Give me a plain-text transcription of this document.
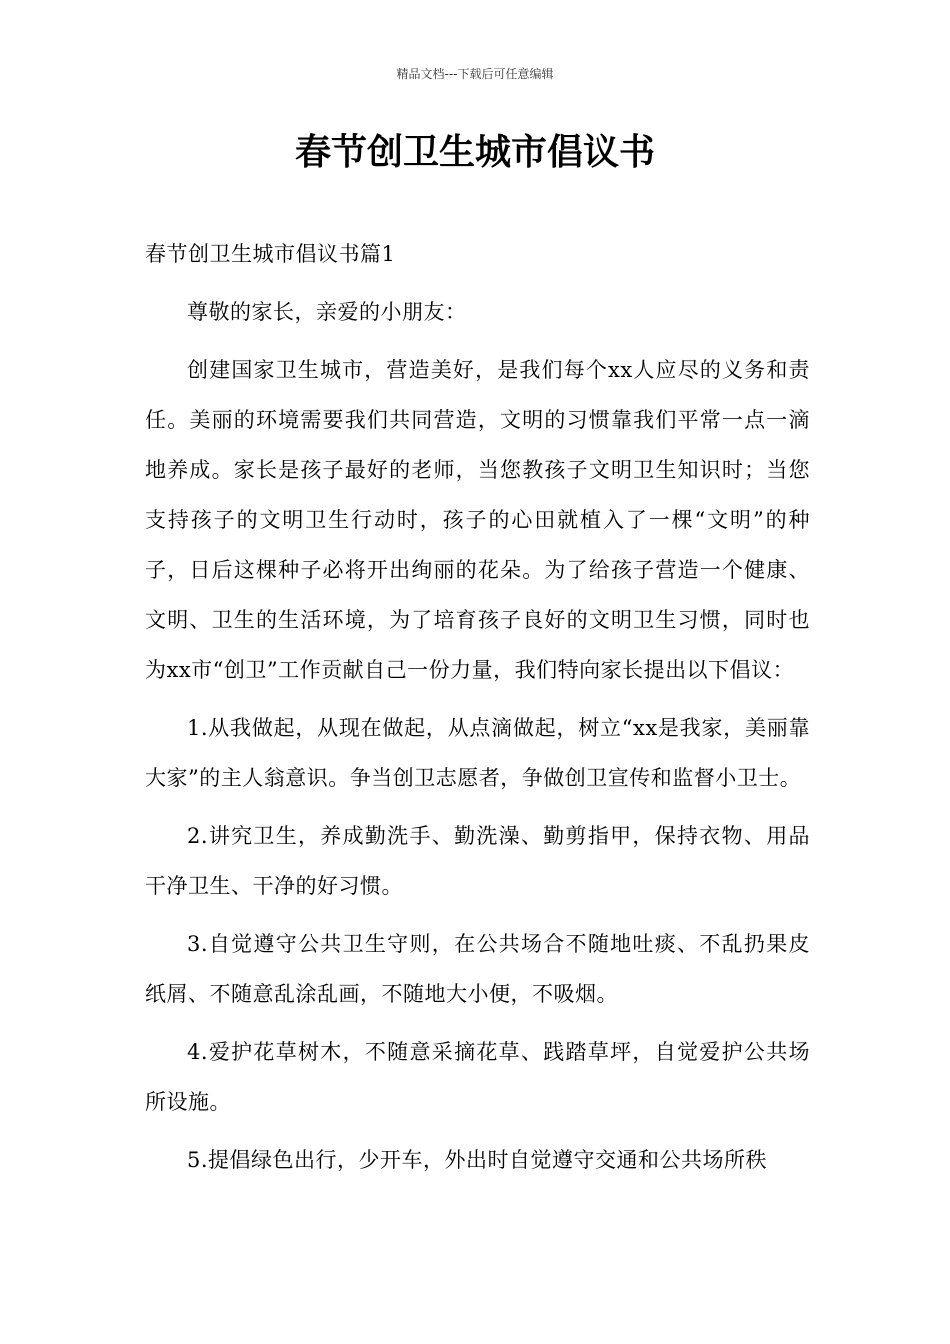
精品文档---下载后可任意编辑
春节创卫生城市倡议书

春节创卫生城市倡议书篇1

尊敬的家长，亲爱的小朋友：

创建国家卫生城市，营造美好，是我们每个xx人应尽的义务和责任。美丽的环境需要我们共同营造，文明的习惯靠我们平常一点一滴地养成。家长是孩子最好的老师，当您教孩子文明卫生知识时；当您支持孩子的文明卫生行动时，孩子的心田就植入了一棵“文明”的种子，日后这棵种子必将开出绚丽的花朵。为了给孩子营造一个健康、文明、卫生的生活环境，为了培育孩子良好的文明卫生习惯，同时也为xx市“创卫”工作贡献自己一份力量，我们特向家长提出以下倡议：

1.从我做起，从现在做起，从点滴做起，树立“xx是我家，美丽靠大家”的主人翁意识。争当创卫志愿者，争做创卫宣传和监督小卫士。

2.讲究卫生，养成勤洗手、勤洗澡、勤剪指甲，保持衣物、用品干净卫生、干净的好习惯。

3.自觉遵守公共卫生守则，在公共场合不随地吐痰、不乱扔果皮纸屑、不随意乱涂乱画，不随地大小便，不吸烟。

4.爱护花草树木，不随意采摘花草、践踏草坪，自觉爱护公共场所设施。

5.提倡绿色出行，少开车，外出时自觉遵守交通和公共场所秩
